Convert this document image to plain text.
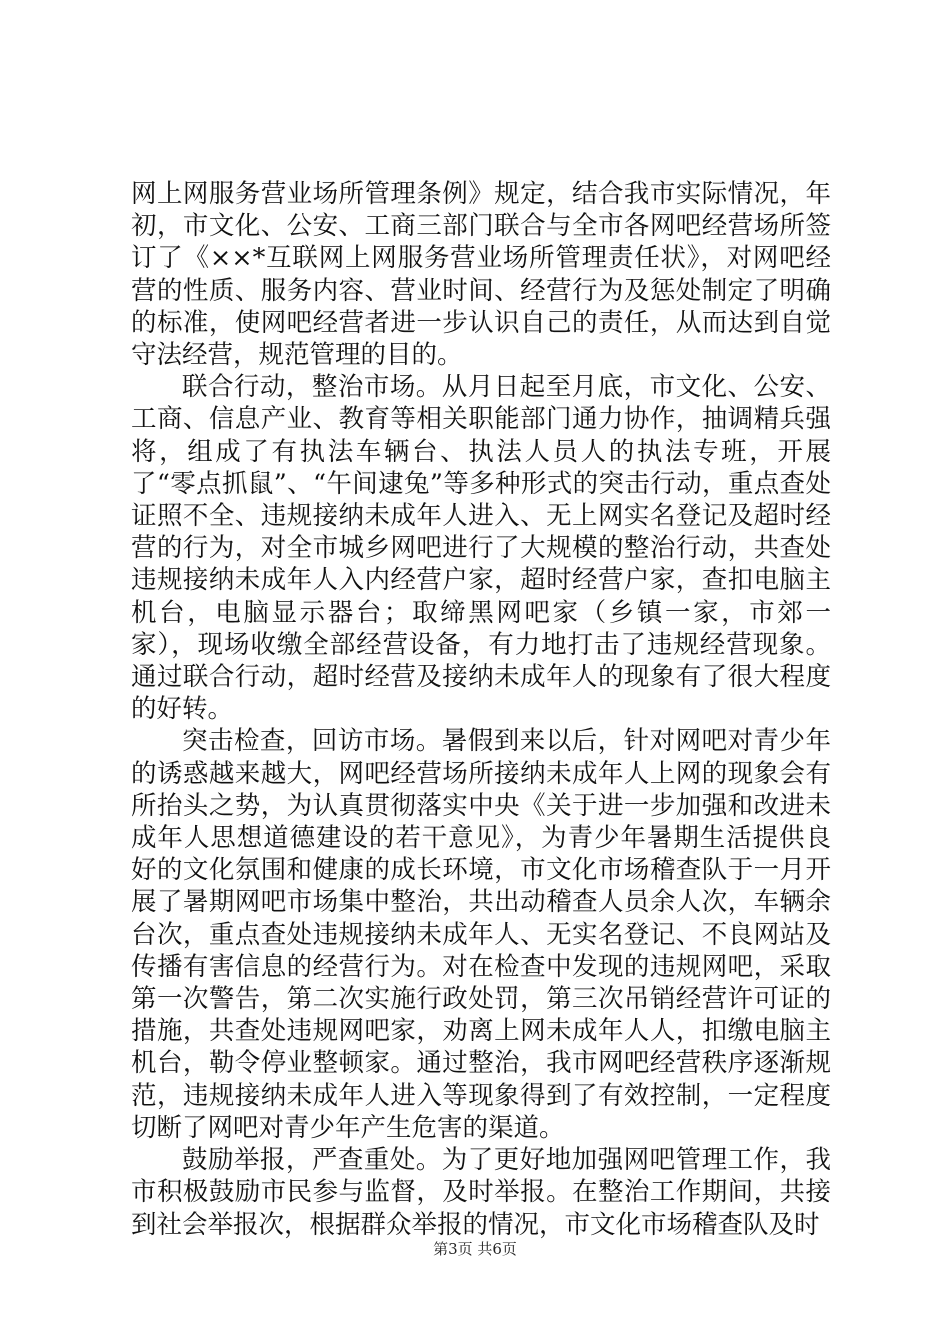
网上网服务营业场所管理条例》规定，结合我市实际情况，年初，市文化、公安、工商三部门联合与全市各网吧经营场所签订了《××*互联网上网服务营业场所管理责任状》，对网吧经营的性质、服务内容、营业时间、经营行为及惩处制定了明确的标准，使网吧经营者进一步认识自己的责任，从而达到自觉守法经营，规范管理的目的。

联合行动，整治市场。从月日起至月底，市文化、公安、工商、信息产业、教育等相关职能部门通力协作，抽调精兵强将，组成了有执法车辆台、执法人员人的执法专班，开展了“零点抓鼠”、“午间逮兔”等多种形式的突击行动，重点查处证照不全、违规接纳未成年人进入、无上网实名登记及超时经营的行为，对全市城乡网吧进行了大规模的整治行动，共查处违规接纳未成年人入内经营户家，超时经营户家，查扣电脑主机台，电脑显示器台；取缔黑网吧家（乡镇一家，市郊一家），现场收缴全部经营设备，有力地打击了违规经营现象。通过联合行动，超时经营及接纳未成年人的现象有了很大程度的好转。

突击检查，回访市场。暑假到来以后，针对网吧对青少年的诱惑越来越大，网吧经营场所接纳未成年人上网的现象会有所抬头之势，为认真贯彻落实中央《关于进一步加强和改进未成年人思想道德建设的若干意见》，为青少年暑期生活提供良好的文化氛围和健康的成长环境，市文化市场稽查队于一月开展了暑期网吧市场集中整治，共出动稽查人员余人次，车辆余台次，重点查处违规接纳未成年人、无实名登记、不良网站及传播有害信息的经营行为。对在检查中发现的违规网吧，采取第一次警告，第二次实施行政处罚，第三次吊销经营许可证的措施，共查处违规网吧家，劝离上网未成年人人，扣缴电脑主机台，勒令停业整顿家。通过整治，我市网吧经营秩序逐渐规范，违规接纳未成年人进入等现象得到了有效控制，一定程度切断了网吧对青少年产生危害的渠道。

鼓励举报，严查重处。为了更好地加强网吧管理工作，我市积极鼓励市民参与监督，及时举报。在整治工作期间，共接到社会举报次，根据群众举报的情况，市文化市场稽查队及时

第3页 共6页
